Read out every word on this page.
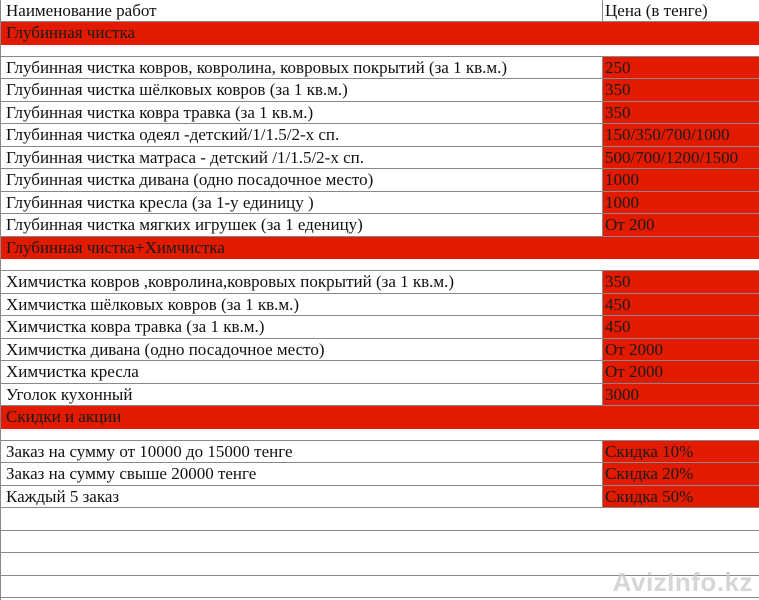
Наименование работ	Цена (в тенге)
Глубинная чистка
Глубинная чистка ковров, ковролина, ковровых покрытий (за 1 кв.м.)	250
Глубинная чистка шёлковых ковров (за 1 кв.м.)	350
Глубинная чистка ковра травка (за 1 кв.м.)	350
Глубинная чистка одеял -детский/1/1.5/2-х сп.	150/350/700/1000
Глубинная чистка матраса - детский /1/1.5/2-х сп.	500/700/1200/1500
Глубинная чистка дивана (одно посадочное место)	1000
Глубинная чистка кресла (за 1-у единицу )	1000
Глубинная чистка мягких игрушек (за 1 еденицу)	От 200
Глубинная чистка+Химчистка
Химчистка ковров ,ковролина,ковровых покрытий (за 1 кв.м.)	350
Химчистка шёлковых ковров (за 1 кв.м.)	450
Химчистка ковра травка (за 1 кв.м.)	450
Химчистка дивана (одно посадочное место)	От 2000
Химчистка кресла	От 2000
Уголок кухонный	3000
Скидки и акции
Заказ на сумму от 10000 до 15000 тенге	Скидка 10%
Заказ на сумму свыше 20000 тенге	Скидка 20%
Каждый 5 заказ	Скидка 50%
AvizInfo.kz
